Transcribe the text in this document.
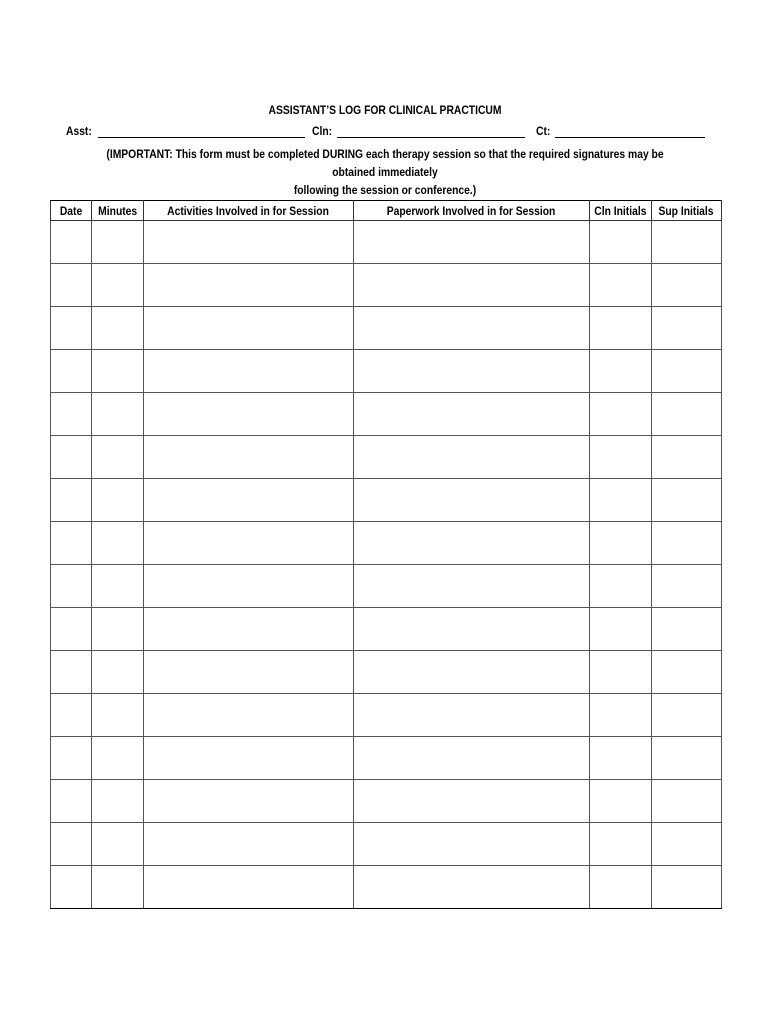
ASSISTANT’S LOG FOR CLINICAL PRACTICUM
Asst:	Cln:	Ct:
(IMPORTANT: This form must be completed DURING each therapy session so that the required signatures may be obtained immediately
following the session or conference.)
Date	Minutes	Activities Involved in for Session	Paperwork Involved in for Session	Cln Initials	Sup Initials
